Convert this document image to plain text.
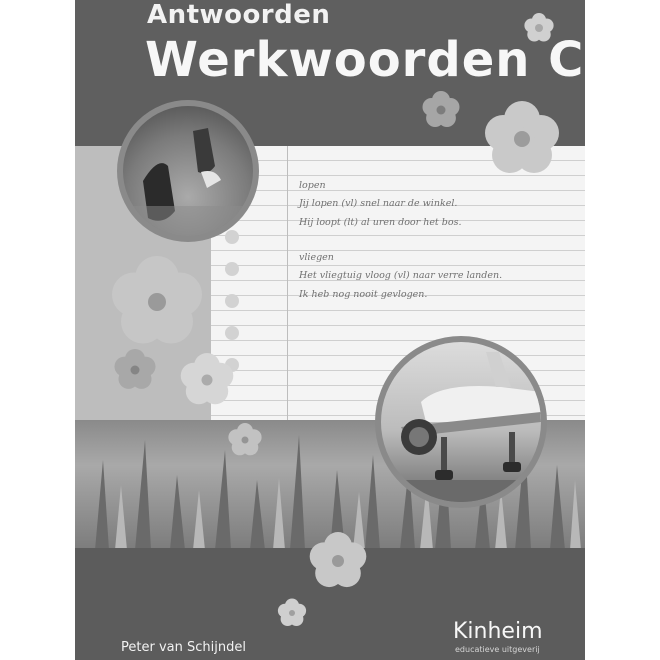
lopen
Jij lopen (vl) snel naar de winkel.
Hij loopt (lt) al uren door het bos.
vliegen
Het vliegtuig vloog (vl) naar verre landen.
Ik heb nog nooit gevlogen.
Antwoorden
Werkwoorden C
Peter van Schijndel
Kinheim
educatieve uitgeverij
